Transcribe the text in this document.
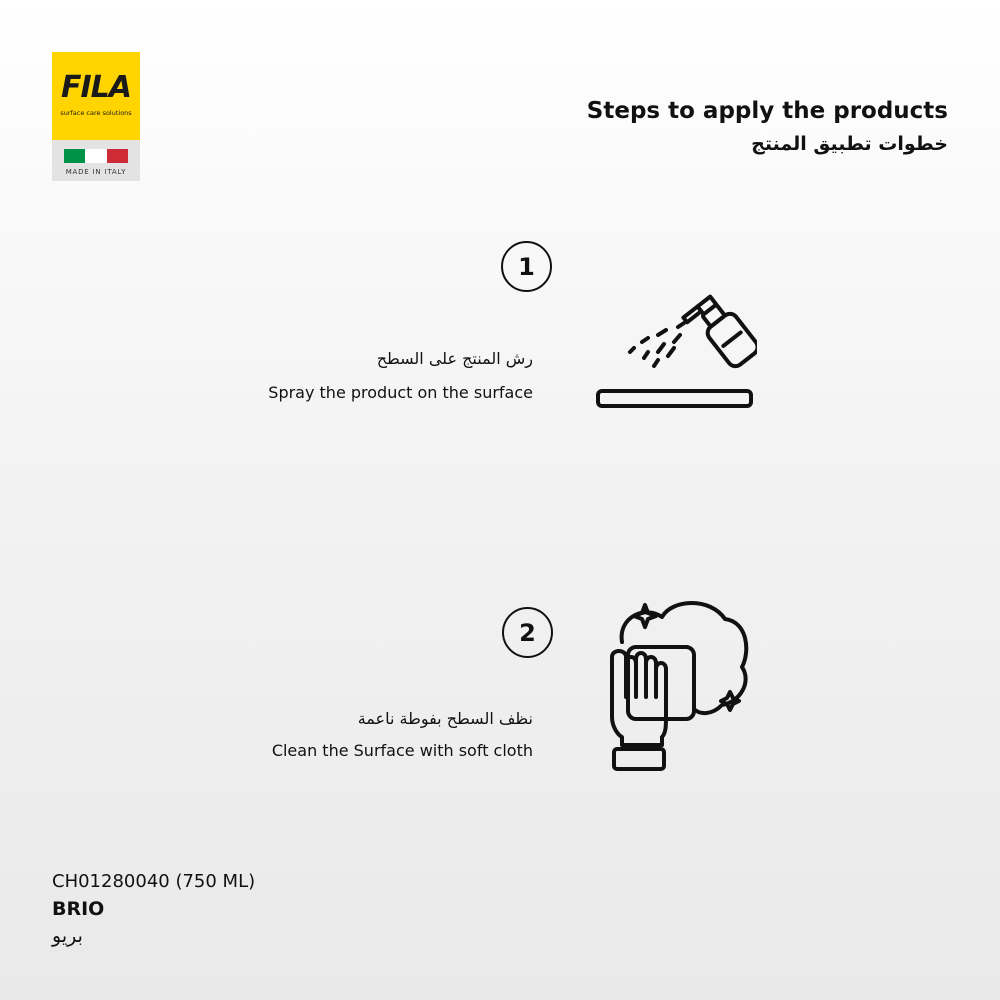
FILA
surface care solutions
MADE IN ITALY
Steps to apply the products
خطوات تطبيق المنتج
1
رش المنتج على السطح
Spray the product on the surface
2
نظف السطح بفوطة ناعمة
Clean the Surface with soft cloth
CH01280040 (750 ML)
BRIO
بريو
